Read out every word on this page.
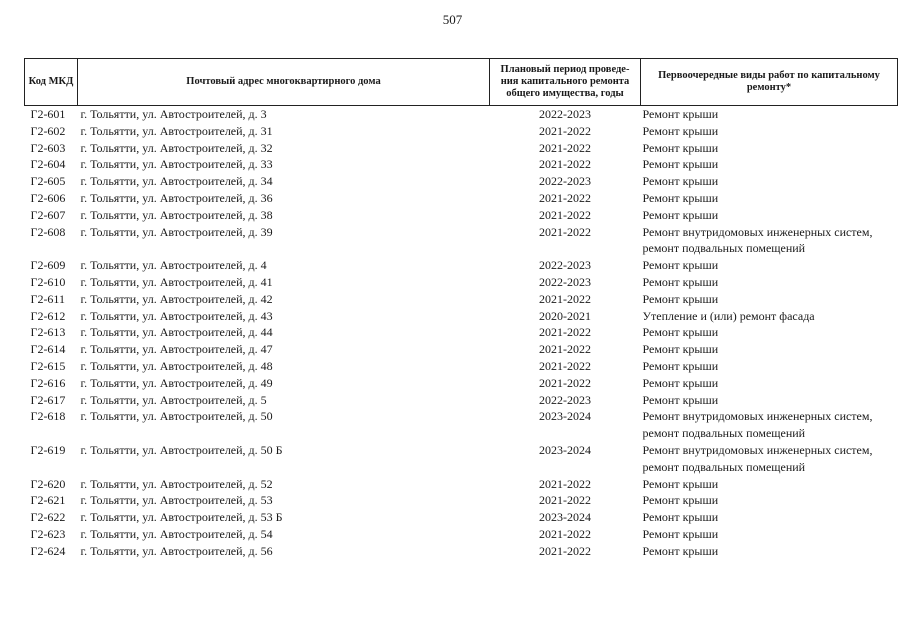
507
Код МКД	Почтовый адрес многоквартирного дома	Плановый период проведе-ния капитального ремонта общего имущества, годы	Первоочередные виды работ по капитальному ремонту*
Г2-601	г. Тольятти, ул. Автостроителей, д. 3	2022-2023	Ремонт крыши
Г2-602	г. Тольятти, ул. Автостроителей, д. 31	2021-2022	Ремонт крыши
Г2-603	г. Тольятти, ул. Автостроителей, д. 32	2021-2022	Ремонт крыши
Г2-604	г. Тольятти, ул. Автостроителей, д. 33	2021-2022	Ремонт крыши
Г2-605	г. Тольятти, ул. Автостроителей, д. 34	2022-2023	Ремонт крыши
Г2-606	г. Тольятти, ул. Автостроителей, д. 36	2021-2022	Ремонт крыши
Г2-607	г. Тольятти, ул. Автостроителей, д. 38	2021-2022	Ремонт крыши
Г2-608	г. Тольятти, ул. Автостроителей, д. 39	2021-2022	Ремонт внутридомовых инженерных систем, ремонт подвальных помещений
Г2-609	г. Тольятти, ул. Автостроителей, д. 4	2022-2023	Ремонт крыши
Г2-610	г. Тольятти, ул. Автостроителей, д. 41	2022-2023	Ремонт крыши
Г2-611	г. Тольятти, ул. Автостроителей, д. 42	2021-2022	Ремонт крыши
Г2-612	г. Тольятти, ул. Автостроителей, д. 43	2020-2021	Утепление и (или) ремонт фасада
Г2-613	г. Тольятти, ул. Автостроителей, д. 44	2021-2022	Ремонт крыши
Г2-614	г. Тольятти, ул. Автостроителей, д. 47	2021-2022	Ремонт крыши
Г2-615	г. Тольятти, ул. Автостроителей, д. 48	2021-2022	Ремонт крыши
Г2-616	г. Тольятти, ул. Автостроителей, д. 49	2021-2022	Ремонт крыши
Г2-617	г. Тольятти, ул. Автостроителей, д. 5	2022-2023	Ремонт крыши
Г2-618	г. Тольятти, ул. Автостроителей, д. 50	2023-2024	Ремонт внутридомовых инженерных систем, ремонт подвальных помещений
Г2-619	г. Тольятти, ул. Автостроителей, д. 50 Б	2023-2024	Ремонт внутридомовых инженерных систем, ремонт подвальных помещений
Г2-620	г. Тольятти, ул. Автостроителей, д. 52	2021-2022	Ремонт крыши
Г2-621	г. Тольятти, ул. Автостроителей, д. 53	2021-2022	Ремонт крыши
Г2-622	г. Тольятти, ул. Автостроителей, д. 53 Б	2023-2024	Ремонт крыши
Г2-623	г. Тольятти, ул. Автостроителей, д. 54	2021-2022	Ремонт крыши
Г2-624	г. Тольятти, ул. Автостроителей, д. 56	2021-2022	Ремонт крыши
